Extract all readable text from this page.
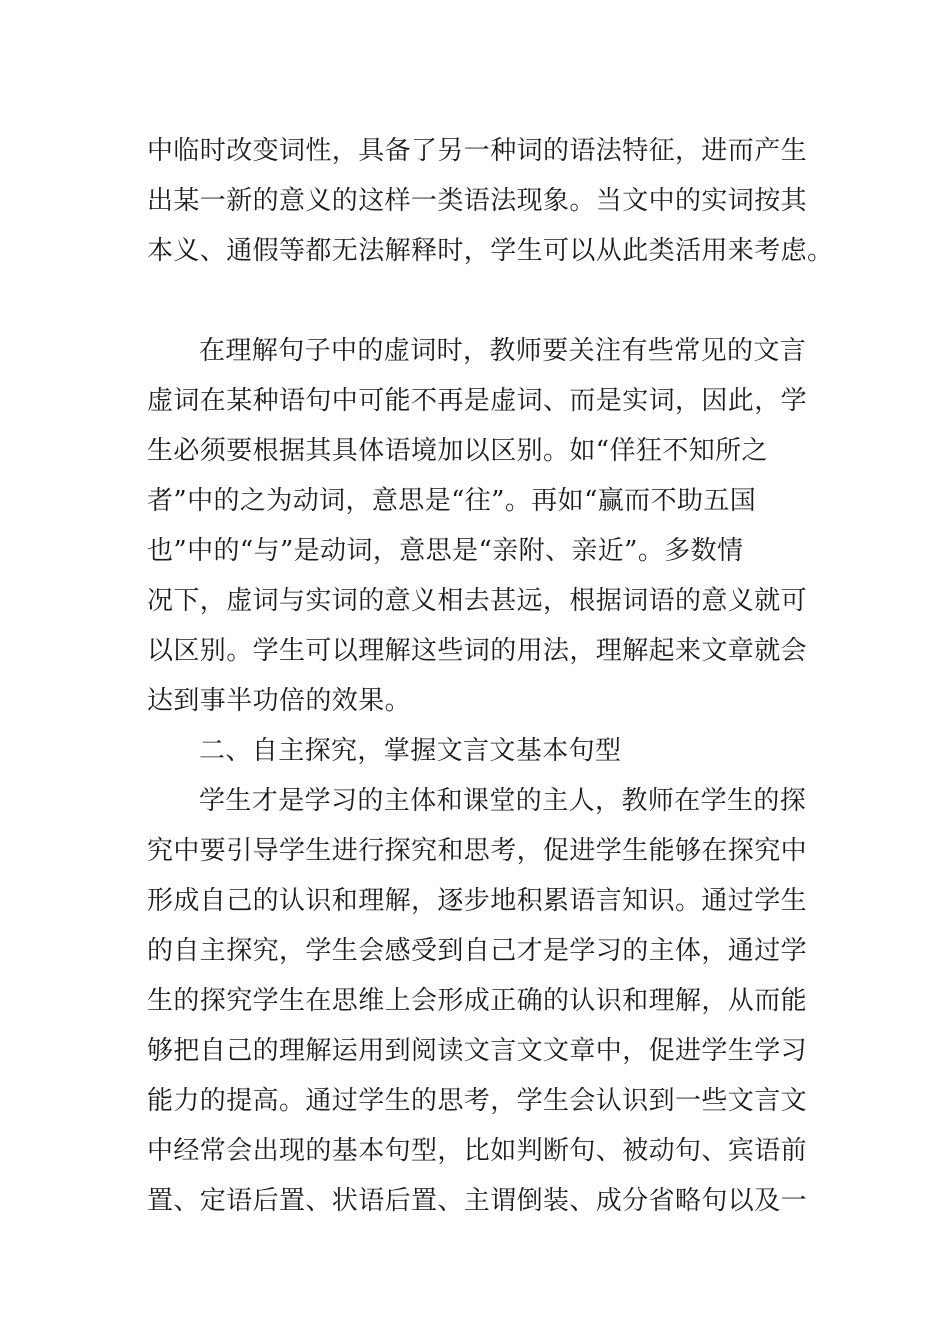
中临时改变词性，具备了另一种词的语法特征，进而产生
出某一新的意义的这样一类语法现象。当文中的实词按其
本义、通假等都无法解释时，学生可以从此类活用来考虑。
在理解句子中的虚词时，教师要关注有些常见的文言
虚词在某种语句中可能不再是虚词、而是实词，因此，学
生必须要根据其具体语境加以区别。如“佯狂不知所之
者”中的之为动词，意思是“往”。再如“赢而不助五国
也”中的“与”是动词，意思是“亲附、亲近”。多数情
况下，虚词与实词的意义相去甚远，根据词语的意义就可
以区别。学生可以理解这些词的用法，理解起来文章就会
达到事半功倍的效果。
二、自主探究，掌握文言文基本句型
学生才是学习的主体和课堂的主人，教师在学生的探
究中要引导学生进行探究和思考，促进学生能够在探究中
形成自己的认识和理解，逐步地积累语言知识。通过学生
的自主探究，学生会感受到自己才是学习的主体，通过学
生的探究学生在思维上会形成正确的认识和理解，从而能
够把自己的理解运用到阅读文言文文章中，促进学生学习
能力的提高。通过学生的思考，学生会认识到一些文言文
中经常会出现的基本句型，比如判断句、被动句、宾语前
置、定语后置、状语后置、主谓倒装、成分省略句以及一
